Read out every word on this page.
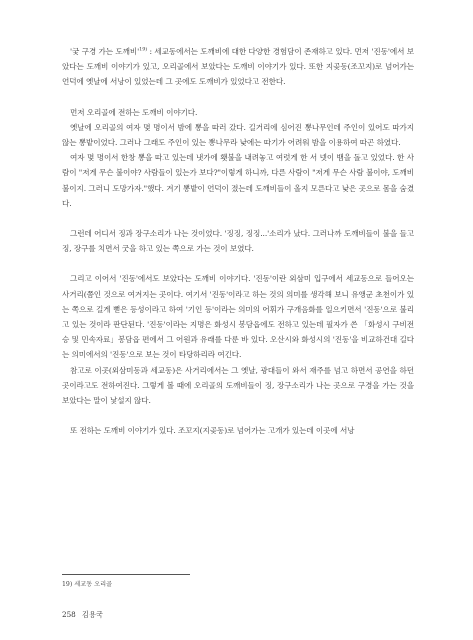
'궂 구경 가는 도깨비'$^{19)}$ : 세교동에서는 도깨비에 대한 다양한 경험담이 존재하고 있다. 먼저 '진동'에서 보았다는 도깨비 이야기가 있고, 오리골에서 보았다는 도깨비 이야기가 있다. 또한 지곶동(조꼬지)로 넘어가는 언덕에 옛날에 서낭이 있었는데 그 곳에도 도깨비가 있었다고 전한다.

먼저 오리골에 전하는 도깨비 이야기다.

옛날에 오리골의 여자 몇 명이서 밤에 뽕을 따러 갔다. 길거리에 심어진 뽕나무인데 주인이 있어도 따가지 않는 뽕밭이었다. 그러나 그래도 주인이 있는 뽕나무라 낮에는 따기가 어려워 밤을 이용하여 따곤 하였다.

여자 몇 명이서 한창 뽕을 따고 있는데 냇가에 횃불을 내려놓고 여럿게 한 서 넷이 뱀을 돌고 있었다. 한 사람이 "저게 무슨 불이야? 사람들이 있는가 보다?"이렇게 하니까, 다른 사람이 "저게 무슨 사람 불이야, 도깨비불이지. 그러니 도망가자."했다. 겨기 뽕밭이 언덕이 졌는데 도깨비들이 올지 모른다고 낮은 곳으로 몸을 숨겼다.

그런데 어디서 징과 장구소리가 나는 것이었다. '징징, 징징...'소리가 났다. 그러나까 도깨비들이 불을 들고 징, 장구를 치면서 굿을 하고 있는 쪽으로 가는 것이 보였다.

그리고 이어서 '진동'에서도 보았다는 도깨비 이야기다. '진동'이란 외삼미 입구에서 세교동으로 들어오는 사거리(쯤인 것으로 여겨지는 곳이다. 여기서 '진동'이라고 하는 것의 의미를 생각해 보니 유앵군 초천이가 있는 쪽으로 길게 뻗은 등성이라고 하여 '기인 등'이라는 의미의 어휘가 구개음화를 일으키면서 '진동'으로 불리고 있는 것이라 판단된다. '진동'이라는 지명은 화성시 봉담읍에도 전하고 있는데 필자가 쓴 「화성시 구비전승 및 민속자료」봉담읍 편에서 그 어원과 유래를 다룬 바 있다. 오산시와 화성시의 '진동'을 비교하건대 길다는 의미에서의 '진동'으로 보는 것이 타당하리라 여긴다.

참고로 이곳(외삼미동과 세교동)은 사거리에서는 그 옛날, 광대들이 와서 재주를 넘고 하면서 공연을 하던 곳이라고도 전하여진다. 그렇게 볼 때에 오리골의 도깨비들이 징, 장구소리가 나는 곳으로 구경을 가는 것을 보았다는 말이 낯설지 않다.

또 전하는 도깨비 이야기가 있다. 조꼬지(지곶동)로 넘어가는 고개가 있는데 이곳에 서낭

19) 세교동 오리골
258 김용국
